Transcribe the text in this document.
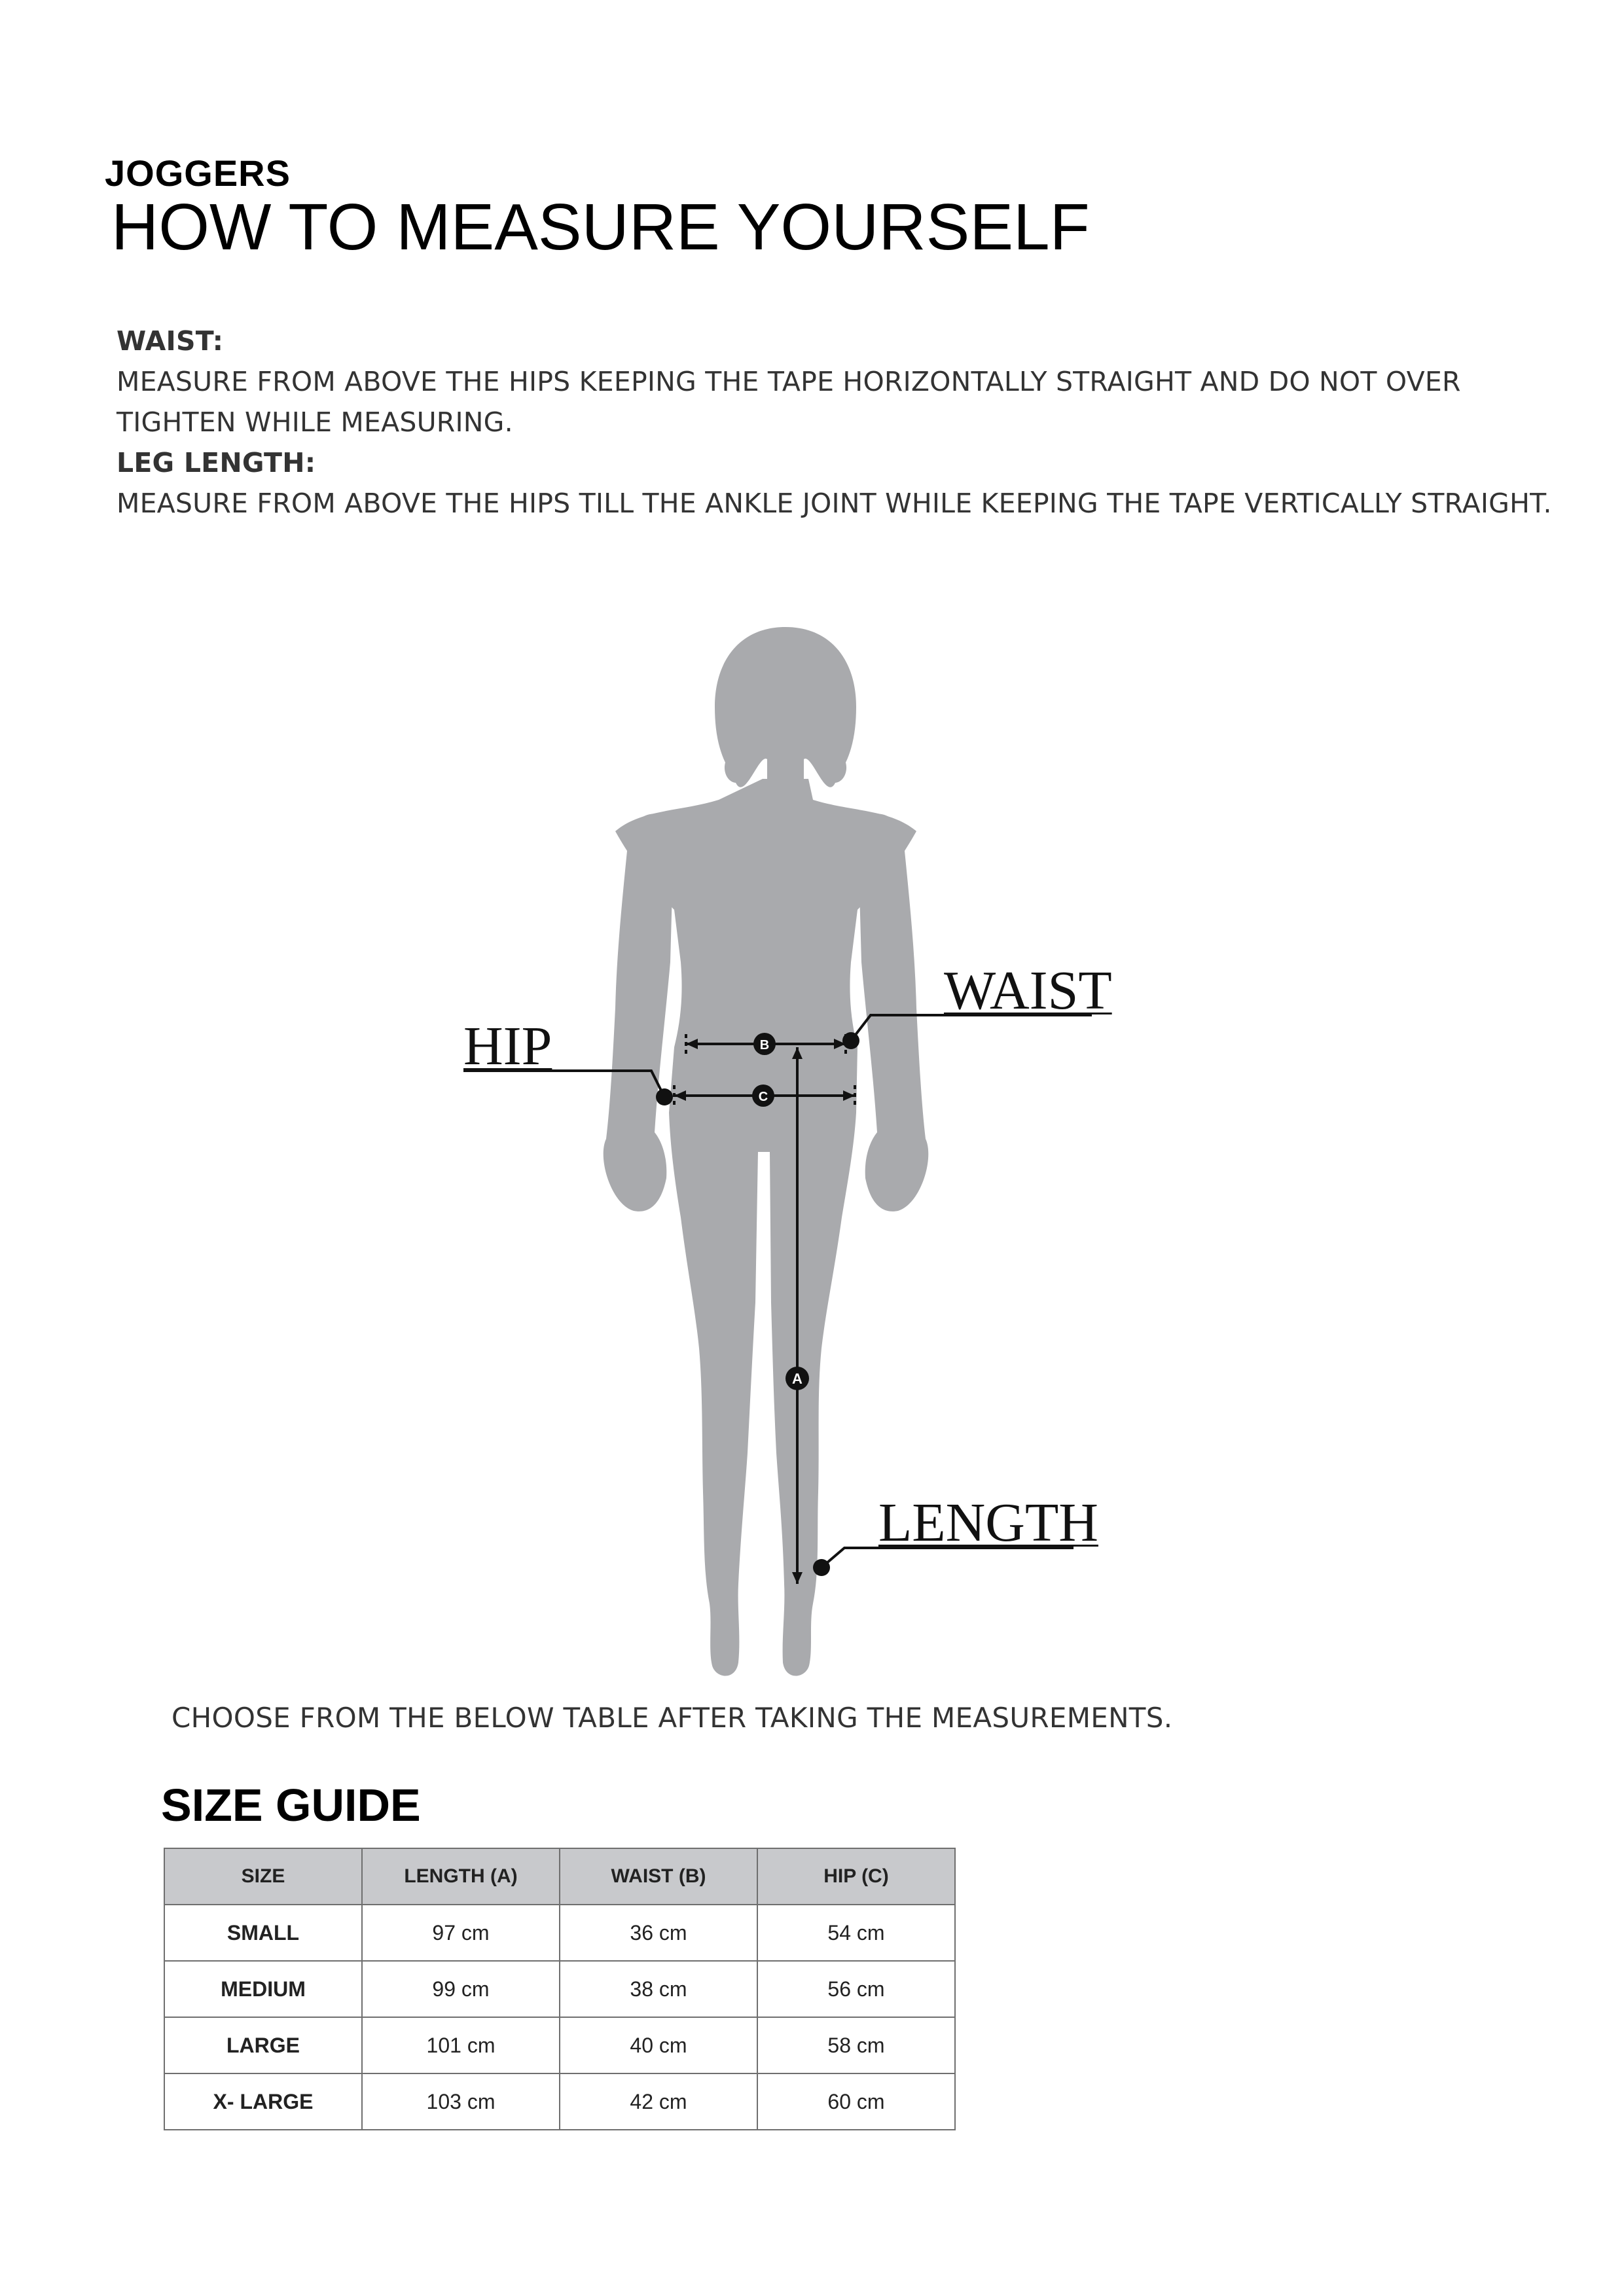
JOGGERS
HOW TO MEASURE YOURSELF
WAIST:
MEASURE FROM ABOVE THE HIPS KEEPING THE TAPE HORIZONTALLY STRAIGHT AND DO NOT OVER TIGHTEN WHILE MEASURING.
LEG LENGTH:
MEASURE FROM ABOVE THE HIPS TILL THE ANKLE JOINT WHILE KEEPING THE TAPE VERTICALLY STRAIGHT.
B
C
A
HIP
WAIST
LENGTH
CHOOSE FROM THE BELOW TABLE AFTER TAKING THE MEASUREMENTS.
SIZE GUIDE
SIZE	LENGTH (A)	WAIST (B)	HIP (C)
SMALL	97 cm	36 cm	54 cm
MEDIUM	99 cm	38 cm	56 cm
LARGE	101 cm	40 cm	58 cm
X- LARGE	103 cm	42 cm	60 cm
